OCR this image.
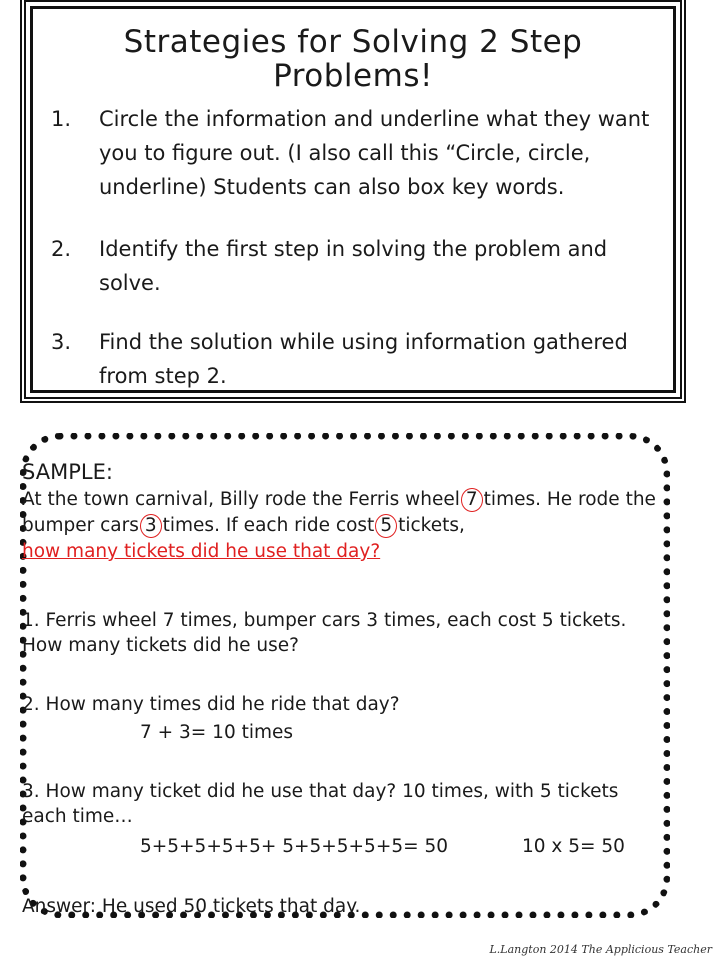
Strategies for Solving 2 Step
Problems!
1.	Circle the information and underline what they want you to figure out. (I also call this “Circle, circle, underline) Students can also box key words.
2.	Identify the first step in solving the problem and solve.
3.	Find the solution while using information gathered from step 2.
SAMPLE:
At the town carnival, Billy rode the Ferris wheel 7 times. He rode the bumper cars 3 times. If each ride cost 5 tickets,
how many tickets did he use that day?
1. Ferris wheel 7 times, bumper cars 3 times, each cost 5 tickets. How many tickets did he use?
2. How many times did he ride that day?
7 + 3= 10 times
3. How many ticket did he use that day? 10 times, with 5 tickets each time…
5+5+5+5+5+ 5+5+5+5+5= 50	10 x 5= 50
Answer: He used 50 tickets that day.
L.Langton 2014 The Applicious Teacher
